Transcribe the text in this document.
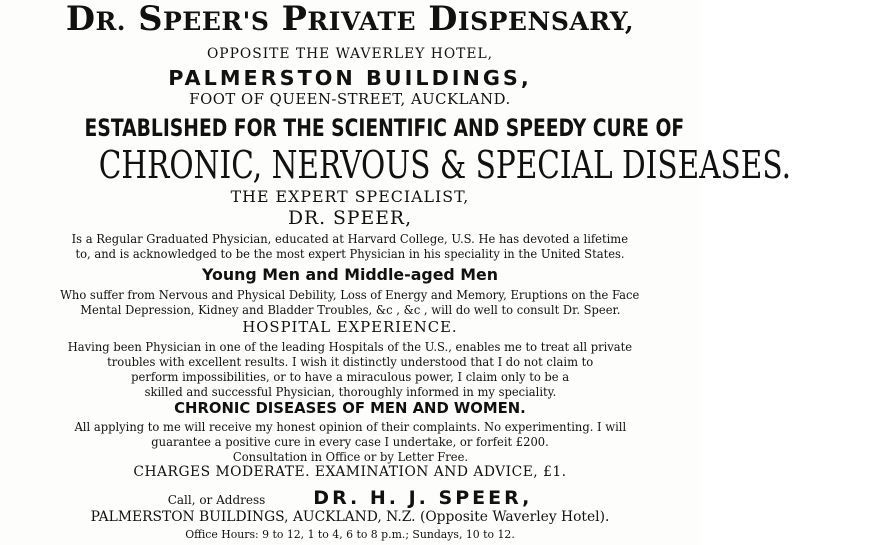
DR. SPEER'S PRIVATE DISPENSARY,
OPPOSITE THE WAVERLEY HOTEL,
PALMERSTON BUILDINGS,
FOOT OF QUEEN-STREET, AUCKLAND.
ESTABLISHED FOR THE SCIENTIFIC AND SPEEDY CURE OF
CHRONIC, NERVOUS & SPECIAL DISEASES.
THE EXPERT SPECIALIST,
DR. SPEER,
Is a Regular Graduated Physician, educated at Harvard College, U.S. He has devoted a lifetime
to, and is acknowledged to be the most expert Physician in his speciality in the United States.
Young Men and Middle-aged Men
Who suffer from Nervous and Physical Debility, Loss of Energy and Memory, Eruptions on the Face
Mental Depression, Kidney and Bladder Troubles, &c , &c , will do well to consult Dr. Speer.
HOSPITAL EXPERIENCE.
Having been Physician in one of the leading Hospitals of the U.S., enables me to treat all private
troubles with excellent results. I wish it distinctly understood that I do not claim to
perform impossibilities, or to have a miraculous power, I claim only to be a
skilled and successful Physician, thoroughly informed in my speciality.
CHRONIC DISEASES OF MEN AND WOMEN.
All applying to me will receive my honest opinion of their complaints. No experimenting. I will
guarantee a positive cure in every case I undertake, or forfeit £200.
Consultation in Office or by Letter Free.
CHARGES MODERATE. EXAMINATION AND ADVICE, £1.
Call, or Address	DR. H. J. SPEER,
PALMERSTON BUILDINGS, AUCKLAND, N.Z. (Opposite Waverley Hotel).
Office Hours: 9 to 12, 1 to 4, 6 to 8 p.m.; Sundays, 10 to 12.
